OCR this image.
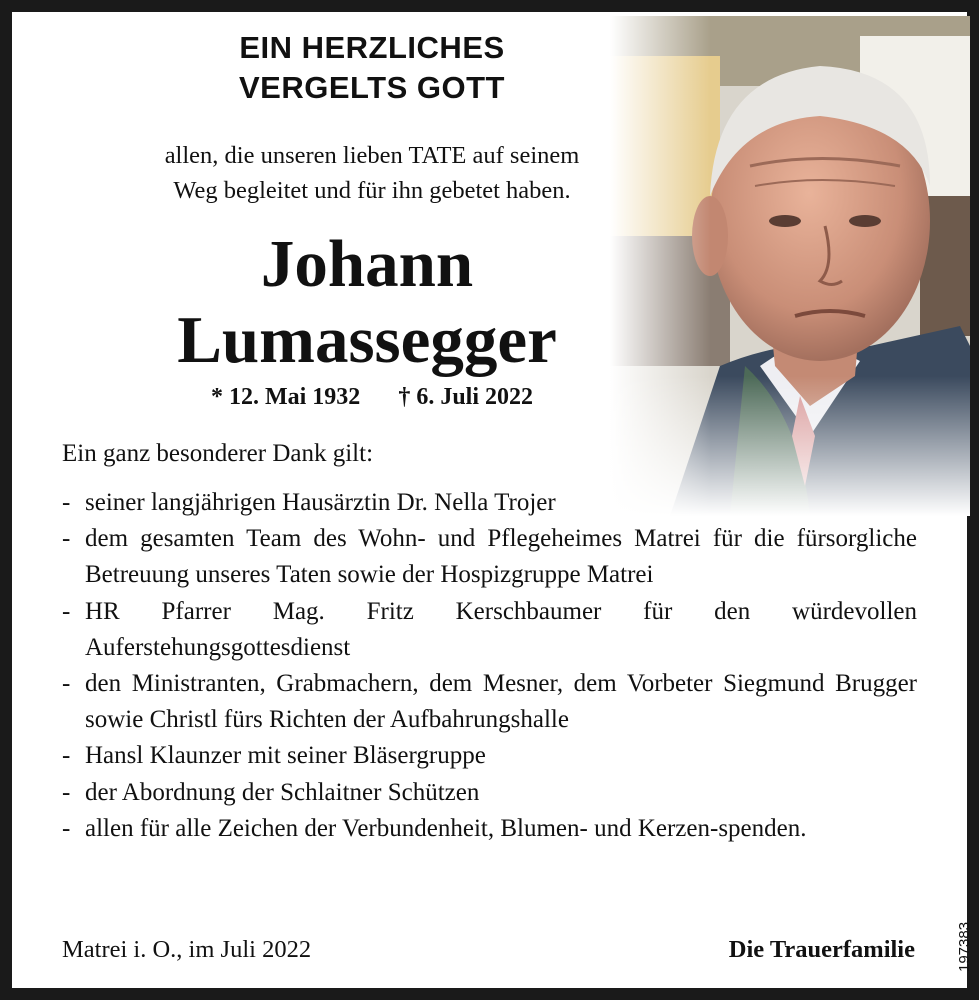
EIN HERZLICHES
VERGELTS GOTT
allen, die unseren lieben TATE auf seinem
Weg begleitet und für ihn gebetet haben.
Johann
Lumassegger
* 12. Mai 1932 † 6. Juli 2022
Ein ganz besonderer Dank gilt:
- seiner langjährigen Hausärztin Dr. Nella Trojer
- dem gesamten Team des Wohn- und Pflegeheimes Matrei für die fürsorgliche Betreuung unseres Taten sowie der Hospizgruppe Matrei
- HR Pfarrer Mag. Fritz Kerschbaumer für den würdevollen Auferstehungsgottesdienst
- den Ministranten, Grabmachern, dem Mesner, dem Vorbeter Siegmund Brugger sowie Christl fürs Richten der Aufbahrungshalle
- Hansl Klaunzer mit seiner Bläsergruppe
- der Abordnung der Schlaitner Schützen
- allen für alle Zeichen der Verbundenheit, Blumen- und Kerzen-spenden.
Matrei i. O., im Juli 2022	Die Trauerfamilie	197383
